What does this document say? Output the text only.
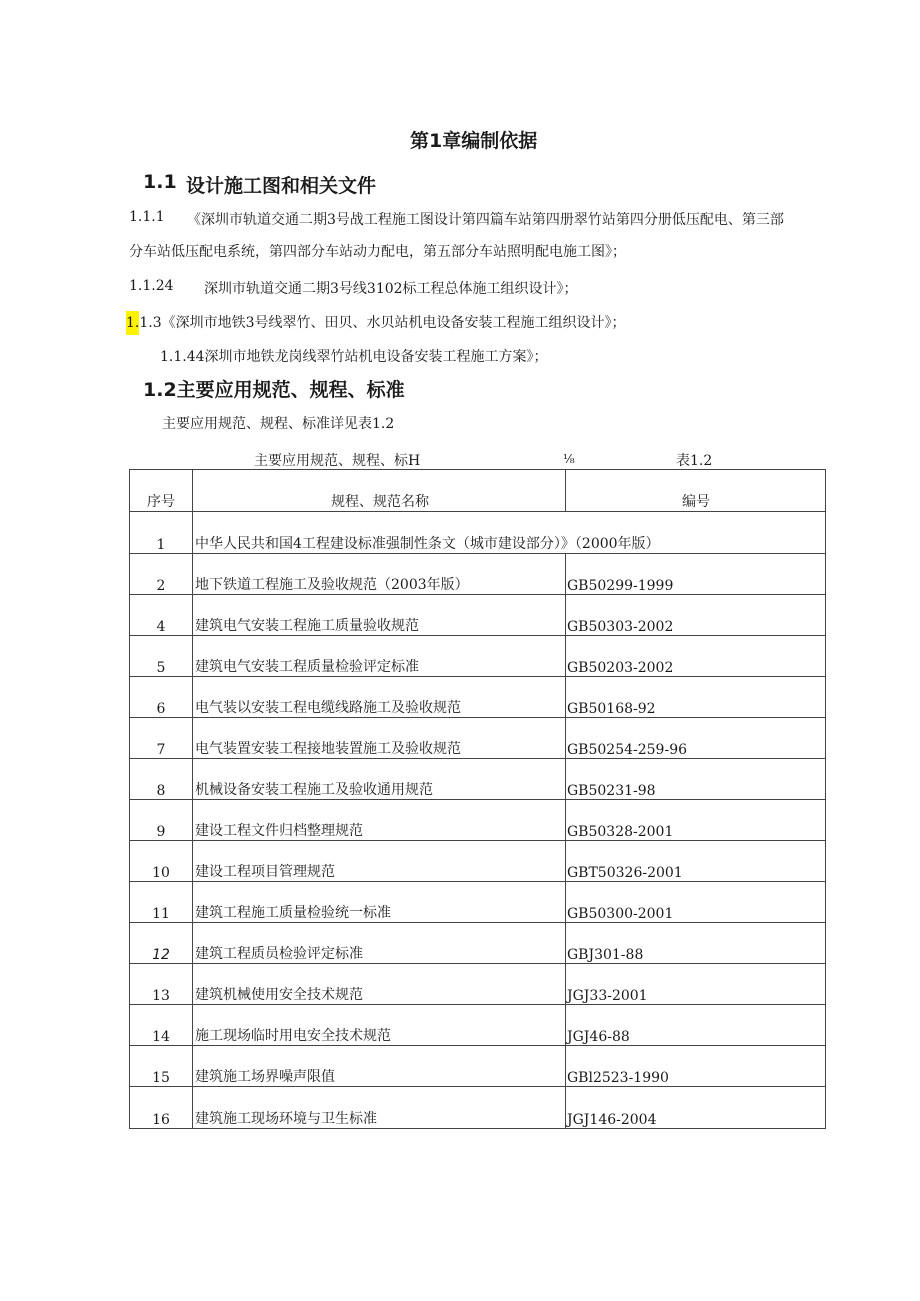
第1章编制依据
1.1 设计施工图和相关文件
1.1.1 《深圳市轨道交通二期3号战工程施工图设计第四篇车站第四册翠竹站第四分册低压配电、第三部
分车站低压配电系统，第四部分车站动力配电，第五部分车站照明配电施工图》；
1.1.24 深圳市轨道交通二期3号线3102标工程总体施工组织设计》；
1.1.3《深圳市地铁3号线翠竹、田贝、水贝站机电设备安装工程施工组织设计》；
1.1.44深圳市地铁龙岗线翠竹站机电设备安装工程施工方案》；
1.2主要应用规范、规程、标准
主要应用规范、规程、标准详见表1.2
主要应用规范、规程、标H	⅛	表1.2
序号	规程、规范名称	编号
1	中华人民共和国4工程建设标准强制性条文（城市建设部分）》（2000年版）	
2	地下铁道工程施工及验收规范（2003年版）	GB50299-1999
4	建筑电气安装工程施工质量验收规范	GB50303-2002
5	建筑电气安装工程质量检验评定标准	GB50203-2002
6	电气装以安装工程电缆线路施工及验收规范	GB50168-92
7	电气装置安装工程接地装置施工及验收规范	GB50254-259-96
8	机械设备安装工程施工及验收通用规范	GB50231-98
9	建设工程文件归档整理规范	GB50328-2001
10	建设工程项目管理规范	GBT50326-2001
11	建筑工程施工质量检验统一标准	GB50300-2001
12	建筑工程质员检验评定标准	GBJ301-88
13	建筑机械使用安全技术规范	JGJ33-2001
14	施工现场临时用电安全技术规范	JGJ46-88
15	建筑施工场界噪声限值	GBl2523-1990
16	建筑施工现场环境与卫生标准	JGJ146-2004
